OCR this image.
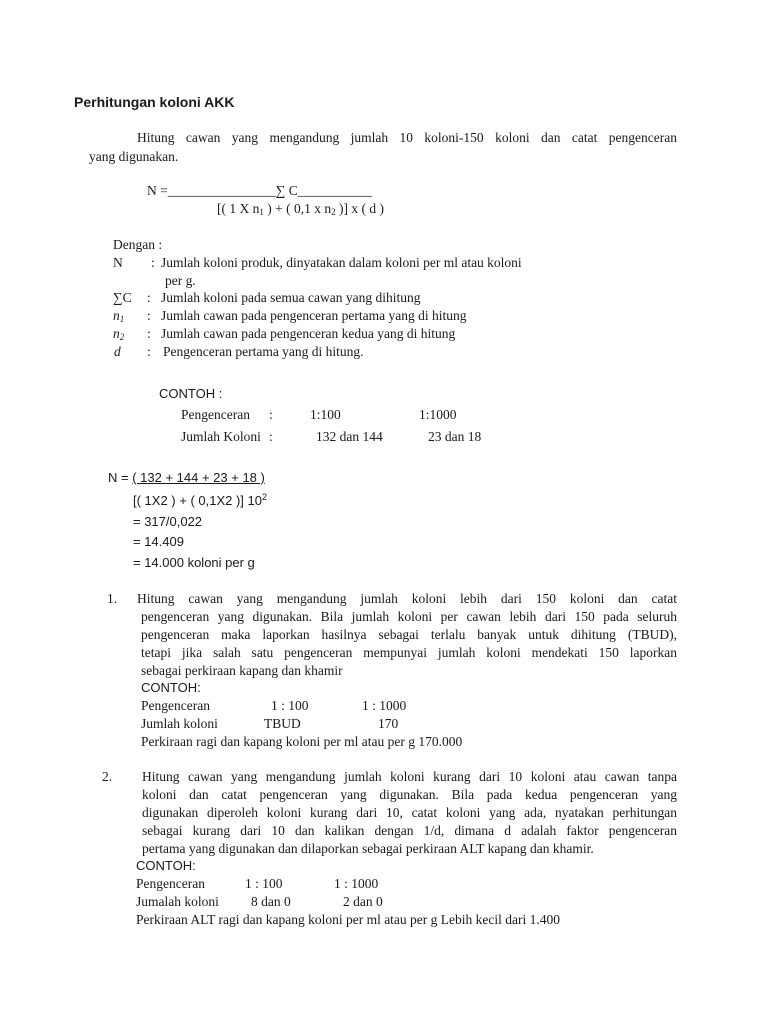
Perhitungan koloni AKK
Hitung cawan yang mengandung jumlah 10 koloni-150 koloni dan catat pengenceran
yang digunakan.
N =________________∑ C___________
[( 1 X $n_1$ ) + ( 0,1 x $n_2$ )] x ( d )
Dengan :
N : Jumlah koloni produk, dinyatakan dalam koloni per ml atau koloni
per g.
∑C : Jumlah koloni pada semua cawan yang dihitung
$n_1$ : Jumlah cawan pada pengenceran pertama yang di hitung
$n_2$ : Jumlah cawan pada pengenceran kedua yang di hitung
d : Pengenceran pertama yang di hitung.
CONTOH :
Pengenceran :	1:100	1:1000
Jumlah Koloni :	132 dan 144	23 dan 18
N = ( 132 + 144 + 23 + 18 )
[( 1X2 ) + ( 0,1X2 )] $10^2$
= 317/0,022
= 14.409
= 14.000 koloni per g
1. Hitung cawan yang mengandung jumlah koloni lebih dari 150 koloni dan catat
pengenceran yang digunakan. Bila jumlah koloni per cawan lebih dari 150 pada seluruh
pengenceran maka laporkan hasilnya sebagai terlalu banyak untuk dihitung (TBUD),
tetapi jika salah satu pengenceran mempunyai jumlah koloni mendekati 150 laporkan
sebagai perkiraan kapang dan khamir
CONTOH:
Pengenceran	1 : 100	1 : 1000
Jumlah koloni	TBUD	170
Perkiraan ragi dan kapang koloni per ml atau per g 170.000
2. Hitung cawan yang mengandung jumlah koloni kurang dari 10 koloni atau cawan tanpa
koloni dan catat pengenceran yang digunakan. Bila pada kedua pengenceran yang
digunakan diperoleh koloni kurang dari 10, catat koloni yang ada, nyatakan perhitungan
sebagai kurang dari 10 dan kalikan dengan 1/d, dimana d adalah faktor pengenceran
pertama yang digunakan dan dilaporkan sebagai perkiraan ALT kapang dan khamir.
CONTOH:
Pengenceran	1 : 100	1 : 1000
Jumalah koloni 8 dan 0	2 dan 0
Perkiraan ALT ragi dan kapang koloni per ml atau per g Lebih kecil dari 1.400
